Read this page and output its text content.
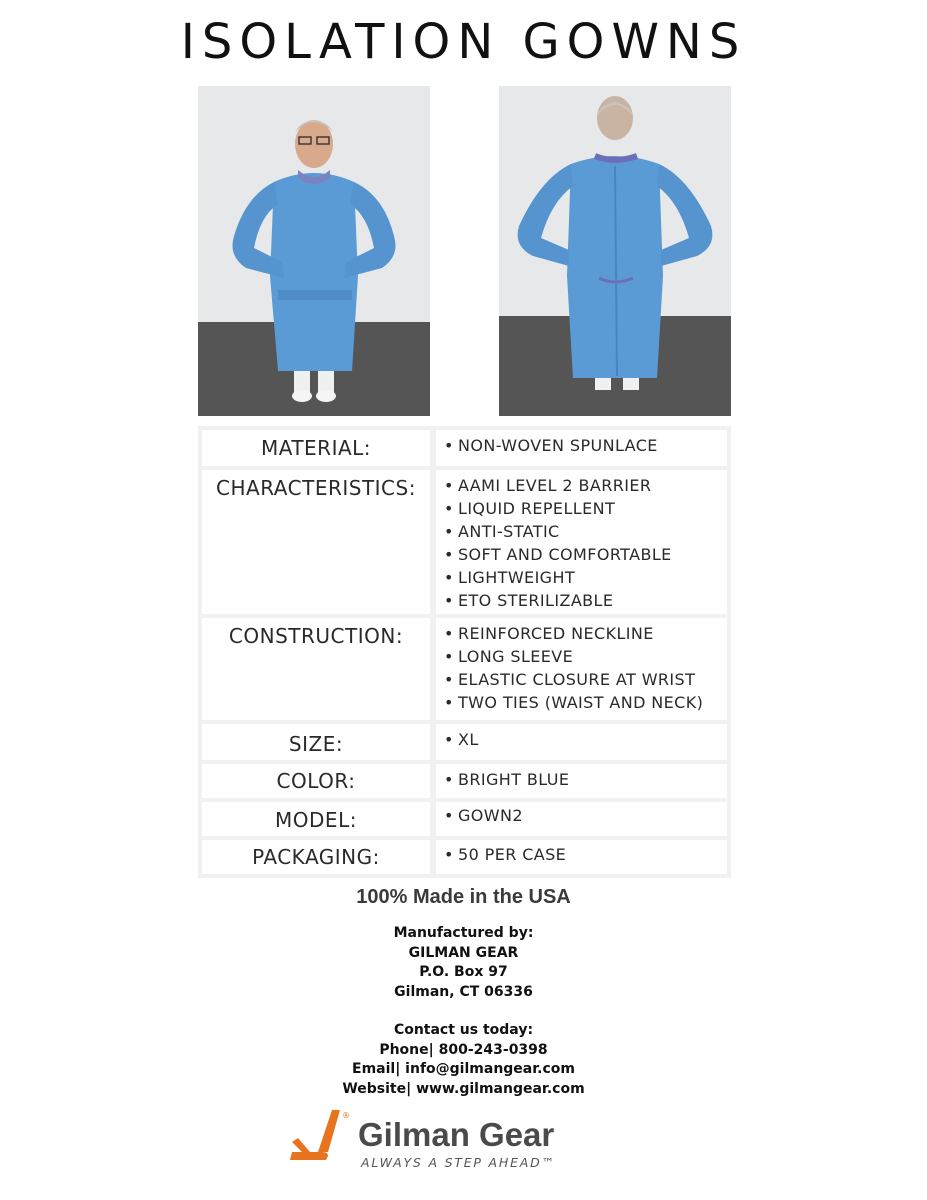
ISOLATION GOWNS
MATERIAL:	• NON-WOVEN SPUNLACE
CHARACTERISTICS:	• AAMI LEVEL 2 BARRIER
• LIQUID REPELLENT
• ANTI-STATIC
• SOFT AND COMFORTABLE
• LIGHTWEIGHT
• ETO STERILIZABLE
CONSTRUCTION:	• REINFORCED NECKLINE
• LONG SLEEVE
• ELASTIC CLOSURE AT WRIST
• TWO TIES (WAIST AND NECK)
SIZE:	• XL
COLOR:	• BRIGHT BLUE
MODEL:	• GOWN2
PACKAGING:	• 50 PER CASE
100% Made in the USA
Manufactured by:
GILMAN GEAR
P.O. Box 97
Gilman, CT 06336
Contact us today:
Phone| 800-243-0398
Email| info@gilmangear.com
Website| www.gilmangear.com
®
Gilman Gear
ALWAYS A STEP AHEAD™
